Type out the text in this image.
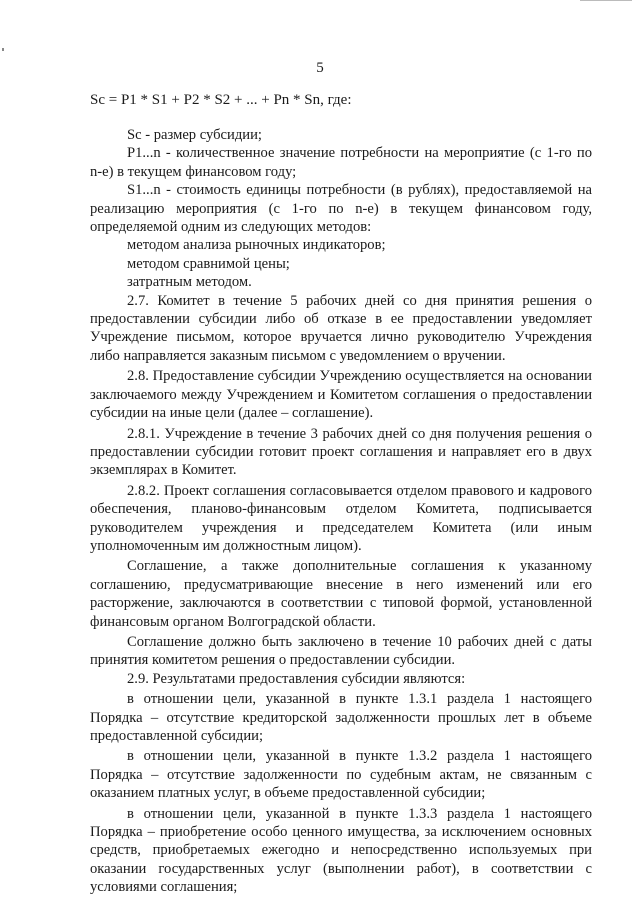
5
Sc = P1 * S1 + P2 * S2 + ... + Pn * Sn, где:

Sc - размер субсидии;

P1...n - количественное значение потребности на мероприятие (с 1-го по n-е) в текущем финансовом году;

S1...n - стоимость единицы потребности (в рублях), предоставляемой на реализацию мероприятия (с 1-го по n-е) в текущем финансовом году, определяемой одним из следующих методов:

методом анализа рыночных индикаторов;

методом сравнимой цены;

затратным методом.

2.7. Комитет в течение 5 рабочих дней со дня принятия решения о предоставлении субсидии либо об отказе в ее предоставлении уведомляет Учреждение письмом, которое вручается лично руководителю Учреждения либо направляется заказным письмом с уведомлением о вручении.

2.8. Предоставление субсидии Учреждению осуществляется на основании заключаемого между Учреждением и Комитетом соглашения о предоставлении субсидии на иные цели (далее – соглашение).

2.8.1. Учреждение в течение 3 рабочих дней со дня получения решения о предоставлении субсидии готовит проект соглашения и направляет его в двух экземплярах в Комитет.

2.8.2. Проект соглашения согласовывается отделом правового и кадрового обеспечения, планово-финансовым отделом Комитета, подписывается руководителем учреждения и председателем Комитета (или иным уполномоченным им должностным лицом).

Соглашение, а также дополнительные соглашения к указанному соглашению, предусматривающие внесение в него изменений или его расторжение, заключаются в соответствии с типовой формой, установленной финансовым органом Волгоградской области.

Соглашение должно быть заключено в течение 10 рабочих дней с даты принятия комитетом решения о предоставлении субсидии.

2.9. Результатами предоставления субсидии являются:

в отношении цели, указанной в пункте 1.3.1 раздела 1 настоящего Порядка – отсутствие кредиторской задолженности прошлых лет в объеме предоставленной субсидии;

в отношении цели, указанной в пункте 1.3.2 раздела 1 настоящего Порядка – отсутствие задолженности по судебным актам, не связанным с оказанием платных услуг, в объеме предоставленной субсидии;

в отношении цели, указанной в пункте 1.3.3 раздела 1 настоящего Порядка – приобретение особо ценного имущества, за исключением основных средств, приобретаемых ежегодно и непосредственно используемых при оказании государственных услуг (выполнении работ), в соответствии с условиями соглашения;
